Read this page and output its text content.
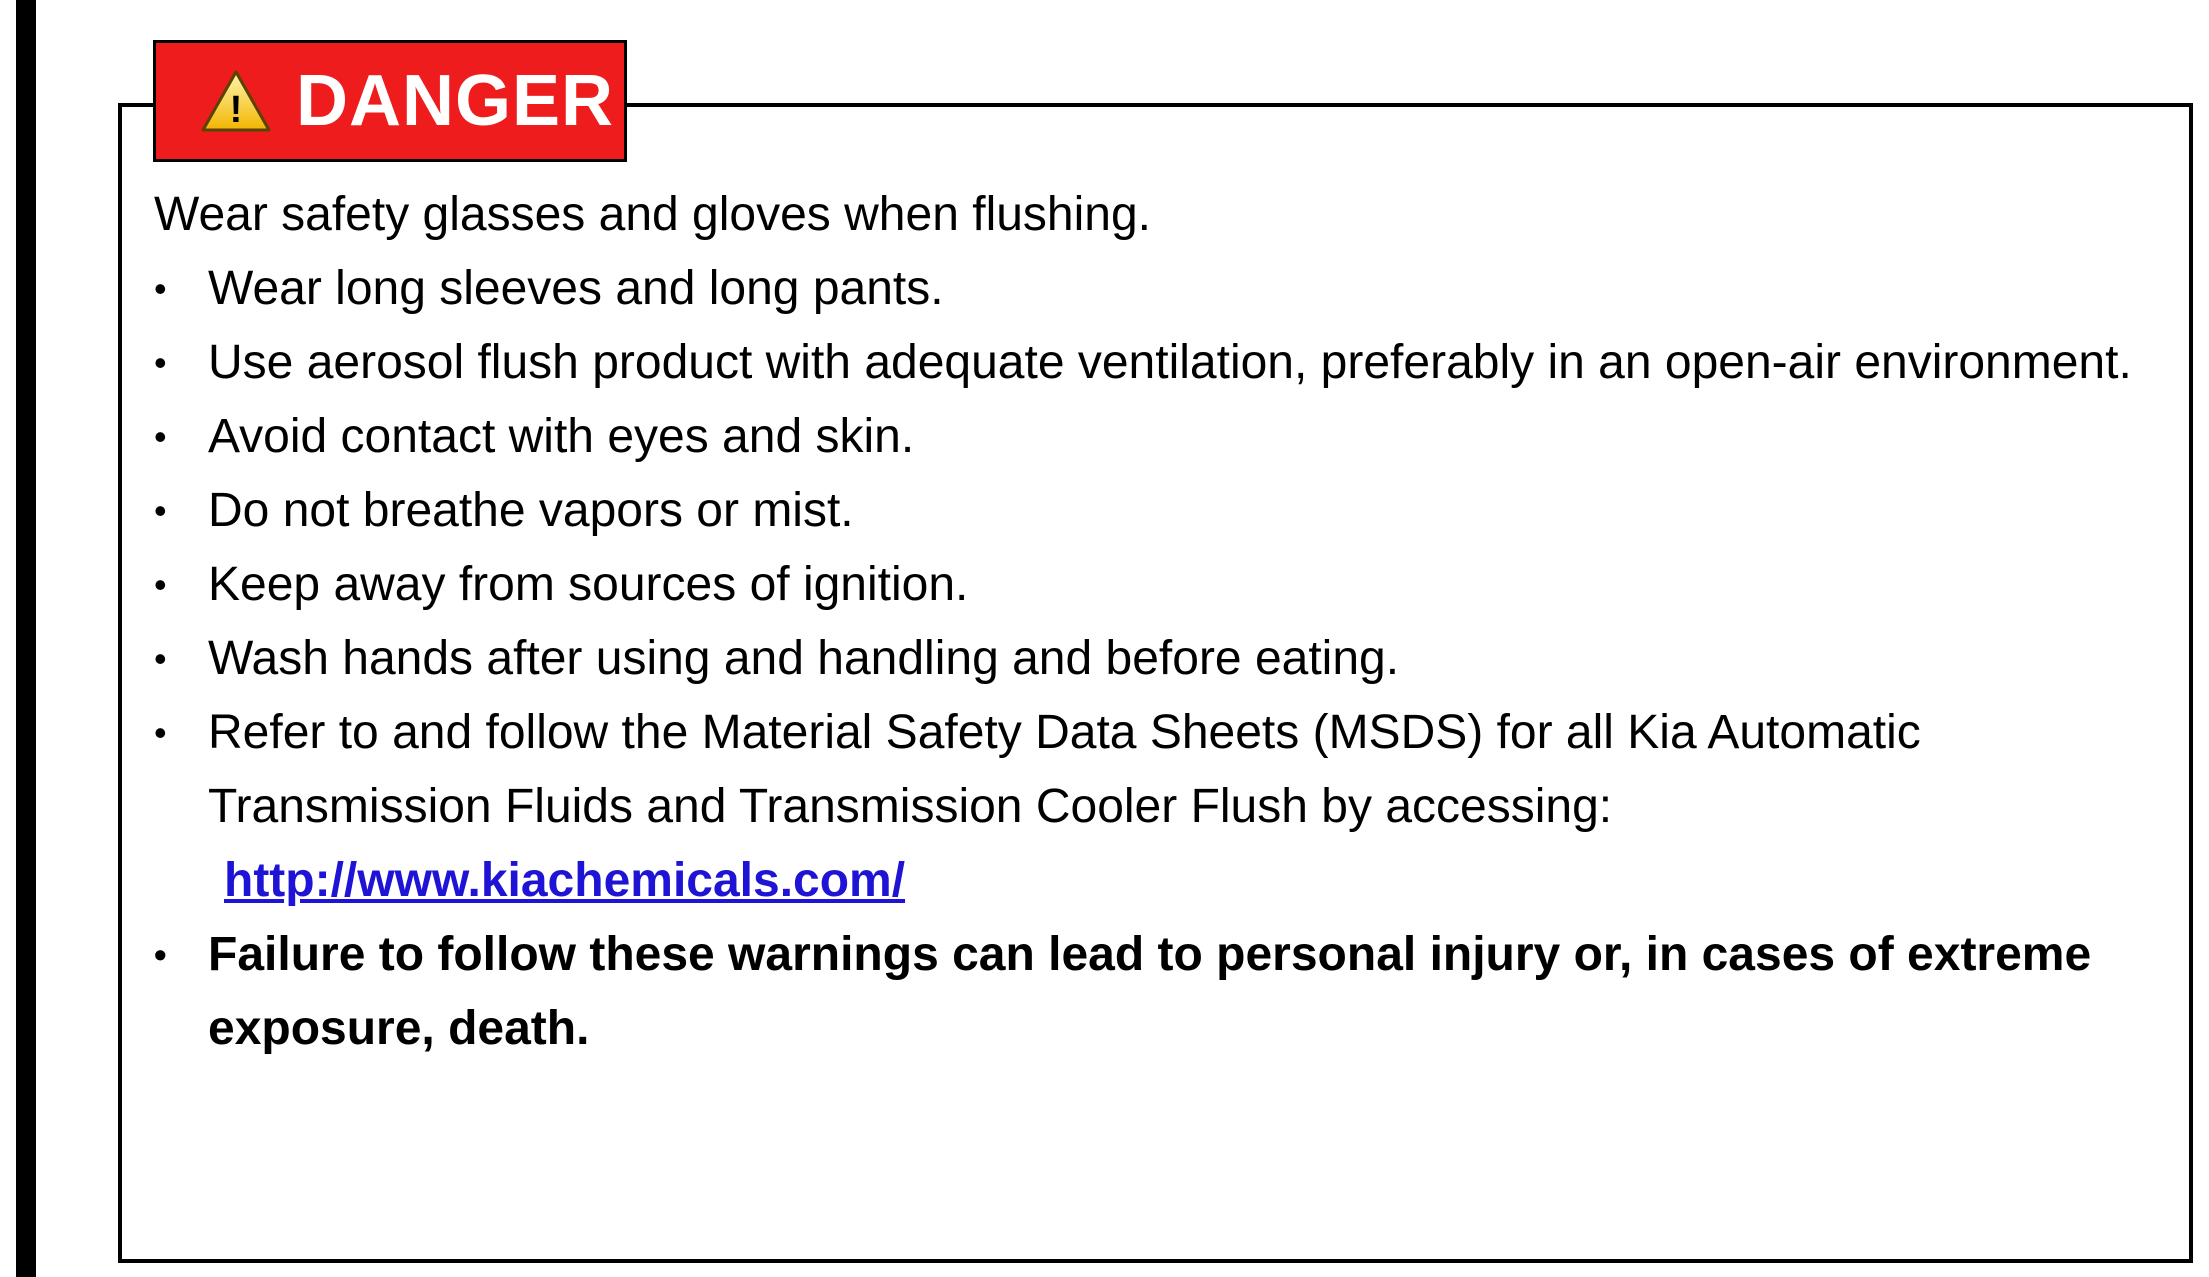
! DANGER

Wear safety glasses and gloves when flushing.

• Wear long sleeves and long pants.
• Use aerosol flush product with adequate ventilation, preferably in an open-air environment.
• Avoid contact with eyes and skin.
• Do not breathe vapors or mist.
• Keep away from sources of ignition.
• Wash hands after using and handling and before eating.
• Refer to and follow the Material Safety Data Sheets (MSDS) for all Kia Automatic Transmission Fluids and Transmission Cooler Flush by accessing:
http://www.kiachemicals.com/
• Failure to follow these warnings can lead to personal injury or, in cases of extreme exposure, death.
